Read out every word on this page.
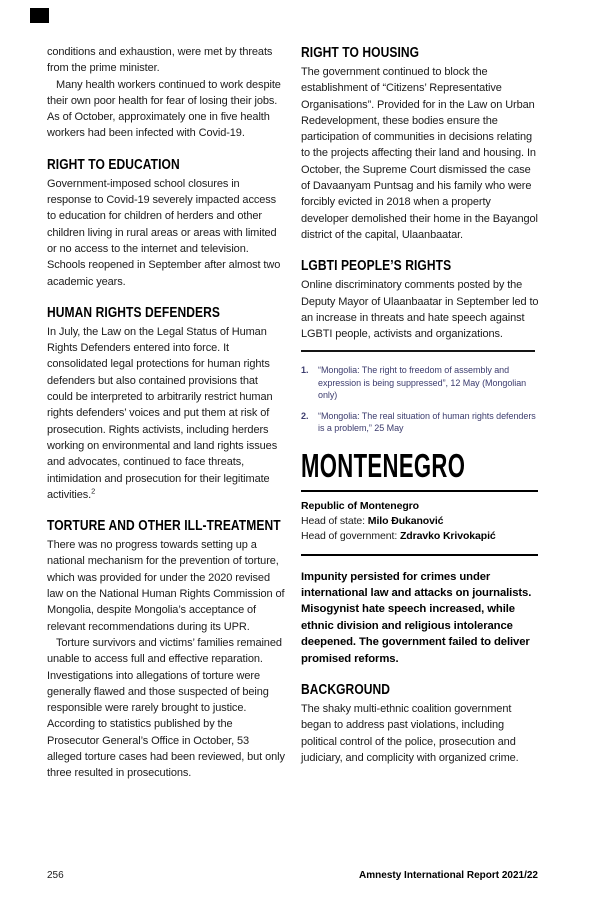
conditions and exhaustion, were met by threats from the prime minister.

Many health workers continued to work despite their own poor health for fear of losing their jobs. As of October, approximately one in five health workers had been infected with Covid-19.

RIGHT TO EDUCATION

Government-imposed school closures in response to Covid-19 severely impacted access to education for children of herders and other children living in rural areas or areas with limited or no access to the internet and television. Schools reopened in September after almost two academic years.

HUMAN RIGHTS DEFENDERS

In July, the Law on the Legal Status of Human Rights Defenders entered into force. It consolidated legal protections for human rights defenders but also contained provisions that could be interpreted to arbitrarily restrict human rights defenders’ voices and put them at risk of prosecution. Rights activists, including herders working on environmental and land rights issues and advocates, continued to face threats, intimidation and prosecution for their legitimate activities.$^2$

TORTURE AND OTHER ILL-TREATMENT

There was no progress towards setting up a national mechanism for the prevention of torture, which was provided for under the 2020 revised law on the National Human Rights Commission of Mongolia, despite Mongolia’s acceptance of relevant recommendations during its UPR.

Torture survivors and victims’ families remained unable to access full and effective reparation. Investigations into allegations of torture were generally flawed and those suspected of being responsible were rarely brought to justice. According to statistics published by the Prosecutor General’s Office in October, 53 alleged torture cases had been reviewed, but only three resulted in prosecutions.

RIGHT TO HOUSING

The government continued to block the establishment of “Citizens’ Representative Organisations”. Provided for in the Law on Urban Redevelopment, these bodies ensure the participation of communities in decisions relating to the projects affecting their land and housing. In October, the Supreme Court dismissed the case of Davaanyam Puntsag and his family who were forcibly evicted in 2018 when a property developer demolished their home in the Bayangol district of the capital, Ulaanbaatar.

LGBTI PEOPLE’S RIGHTS

Online discriminatory comments posted by the Deputy Mayor of Ulaanbaatar in September led to an increase in threats and hate speech against LGBTI people, activists and organizations.

1.	“Mongolia: The right to freedom of assembly and expression is being suppressed”, 12 May (Mongolian only)
2.	“Mongolia: The real situation of human rights defenders is a problem,” 25 May
MONTENEGRO
Republic of Montenegro
Head of state: Milo Đukanović
Head of government: Zdravko Krivokapić

Impunity persisted for crimes under international law and attacks on journalists. Misogynist hate speech increased, while ethnic division and religious intolerance deepened. The government failed to deliver promised reforms.

BACKGROUND

The shaky multi-ethnic coalition government began to address past violations, including political control of the police, prosecution and judiciary, and complicity with organized crime.

256	Amnesty International Report 2021/22
